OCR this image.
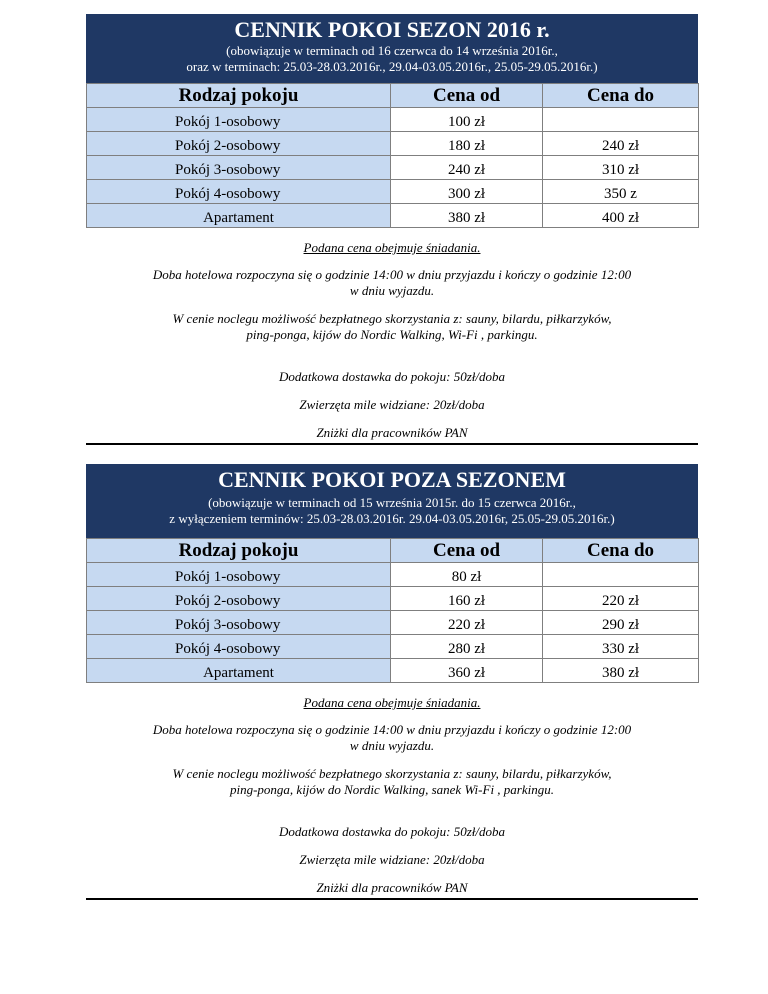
CENNIK POKOI SEZON 2016 r.
(obowiązuje w terminach od 16 czerwca do 14 września 2016r.,
oraz w terminach: 25.03-28.03.2016r., 29.04-03.05.2016r., 25.05-29.05.2016r.)
Rodzaj pokoju	Cena od	Cena do
Pokój 1-osobowy	100 zł	
Pokój 2-osobowy	180 zł	240 zł
Pokój 3-osobowy	240 zł	310 zł
Pokój 4-osobowy	300 zł	350 z
Apartament	380 zł	400 zł

Podana cena obejmuje śniadania.

Doba hotelowa rozpoczyna się o godzinie 14:00 w dniu przyjazdu i kończy o godzinie 12:00

w dniu wyjazdu.

W cenie noclegu możliwość bezpłatnego skorzystania z: sauny, bilardu, piłkarzyków,

ping-ponga, kijów do Nordic Walking, Wi-Fi , parkingu.

Dodatkowa dostawka do pokoju: 50zł/doba

Zwierzęta mile widziane: 20zł/doba

Zniżki dla pracowników PAN

CENNIK POKOI POZA SEZONEM
(obowiązuje w terminach od 15 września 2015r. do 15 czerwca 2016r.,
z wyłączeniem terminów: 25.03-28.03.2016r. 29.04-03.05.2016r, 25.05-29.05.2016r.)
Rodzaj pokoju	Cena od	Cena do
Pokój 1-osobowy	80 zł	
Pokój 2-osobowy	160 zł	220 zł
Pokój 3-osobowy	220 zł	290 zł
Pokój 4-osobowy	280 zł	330 zł
Apartament	360 zł	380 zł

Podana cena obejmuje śniadania.

Doba hotelowa rozpoczyna się o godzinie 14:00 w dniu przyjazdu i kończy o godzinie 12:00

w dniu wyjazdu.

W cenie noclegu możliwość bezpłatnego skorzystania z: sauny, bilardu, piłkarzyków,

ping-ponga, kijów do Nordic Walking, sanek Wi-Fi , parkingu.

Dodatkowa dostawka do pokoju: 50zł/doba

Zwierzęta mile widziane: 20zł/doba

Zniżki dla pracowników PAN
